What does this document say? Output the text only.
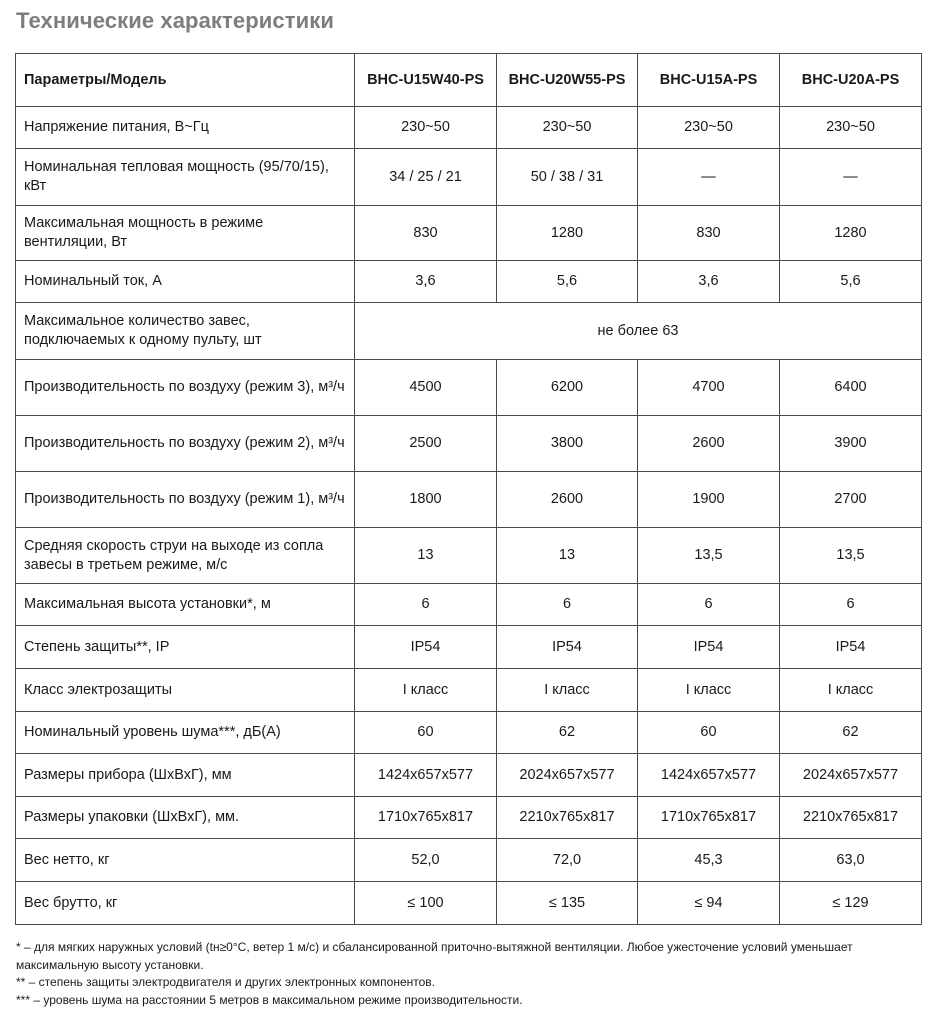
Технические характеристики
Параметры/Модель	BHC-U15W40-PS	BHC-U20W55-PS	BHC-U15A-PS	BHC-U20A-PS
Напряжение питания, В~Гц	230~50	230~50	230~50	230~50
Номинальная тепловая мощность (95/70/15), кВт	34 / 25 / 21	50 / 38 / 31	—	—
Максимальная мощность в режиме вентиляции, Вт	830	1280	830	1280
Номинальный ток, А	3,6	5,6	3,6	5,6
Максимальное количество завес, подключаемых к одному пульту, шт	не более 63			
Производительность по воздуху (режим 3), м³/ч	4500	6200	4700	6400
Производительность по воздуху (режим 2), м³/ч	2500	3800	2600	3900
Производительность по воздуху (режим 1), м³/ч	1800	2600	1900	2700
Средняя скорость струи на выходе из сопла завесы в третьем режиме, м/с	13	13	13,5	13,5
Максимальная высота установки*, м	6	6	6	6
Степень защиты**, IP	IP54	IP54	IP54	IP54
Класс электрозащиты	I класс	I класс	I класс	I класс
Номинальный уровень шума***, дБ(А)	60	62	60	62
Размеры прибора (ШхВхГ), мм	1424x657x577	2024x657x577	1424x657x577	2024x657x577
Размеры упаковки (ШхВхГ), мм.	1710x765x817	2210x765x817	1710x765x817	2210x765x817
Вес нетто, кг	52,0	72,0	45,3	63,0
Вес брутто, кг	≤ 100	≤ 135	≤ 94	≤ 129
* – для мягких наружных условий (tн≥0°С, ветер 1 м/с) и сбалансированной приточно-вытяжной вентиляции. Любое ужесточение условий уменьшает максимальную высоту установки.
** – степень защиты электродвигателя и других электронных компонентов.
*** – уровень шума на расстоянии 5 метров в максимальном режиме производительности.
